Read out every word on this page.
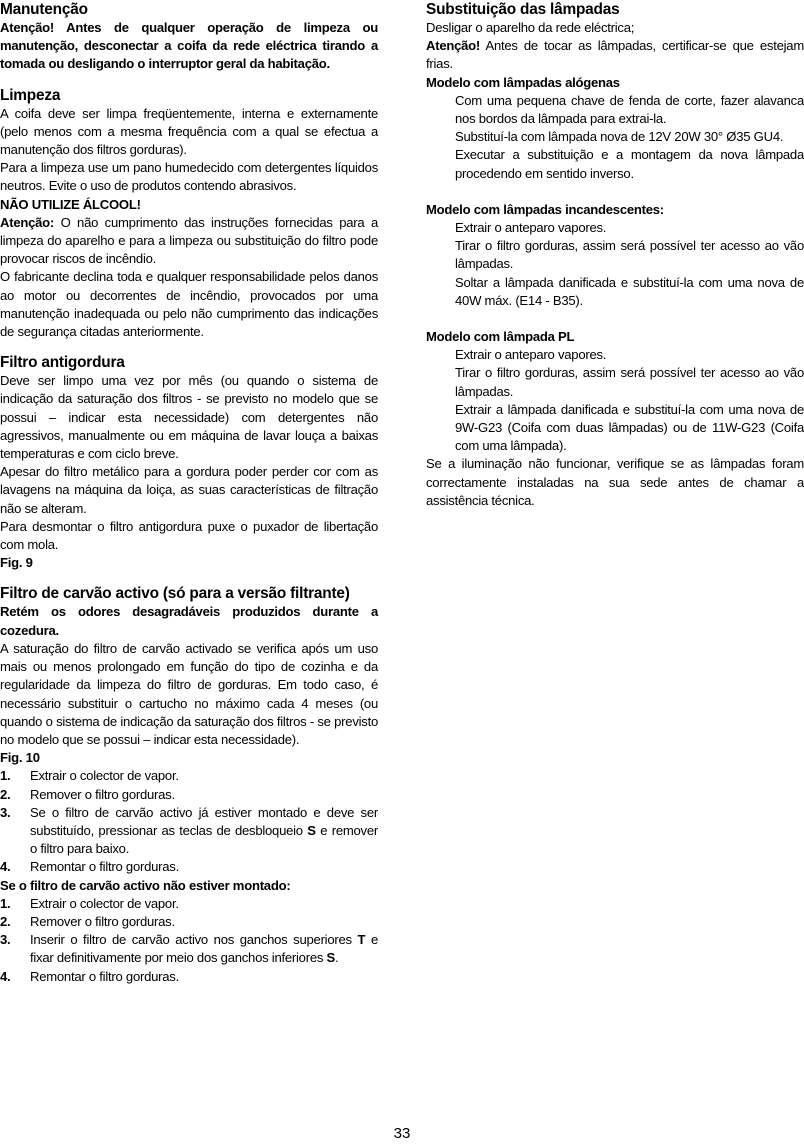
Manutenção

Atenção! Antes de qualquer operação de limpeza ou manutenção, desconectar a coifa da rede eléctrica tirando a tomada ou desligando o interruptor geral da habitação.

Limpeza

A coifa deve ser limpa freqüentemente, interna e externamente (pelo menos com a mesma frequência com a qual se efectua a manutenção dos filtros gorduras).

Para a limpeza use um pano humedecido com detergentes líquidos neutros. Evite o uso de produtos contendo abrasivos.

NÃO UTILIZE ÁLCOOL!

Atenção: O não cumprimento das instruções fornecidas para a limpeza do aparelho e para a limpeza ou substituição do filtro pode provocar riscos de incêndio.

O fabricante declina toda e qualquer responsabilidade pelos danos ao motor ou decorrentes de incêndio, provocados por uma manutenção inadequada ou pelo não cumprimento das indicações de segurança citadas anteriormente.

Filtro antigordura

Deve ser limpo uma vez por mês (ou quando o sistema de indicação da saturação dos filtros - se previsto no modelo que se possui – indicar esta necessidade) com detergentes não agressivos, manualmente ou em máquina de lavar louça a baixas temperaturas e com ciclo breve.

Apesar do filtro metálico para a gordura poder perder cor com as lavagens na máquina da loiça, as suas características de filtração não se alteram.

Para desmontar o filtro antigordura puxe o puxador de libertação com mola.

Fig. 9

Filtro de carvão activo (só para a versão filtrante)

Retém os odores desagradáveis produzidos durante a cozedura.

A saturação do filtro de carvão activado se verifica após um uso mais ou menos prolongado em função do tipo de cozinha e da regularidade da limpeza do filtro de gorduras. Em todo caso, é necessário substituir o cartucho no máximo cada 4 meses (ou quando o sistema de indicação da saturação dos filtros - se previsto no modelo que se possui – indicar esta necessidade).

Fig. 10

1. Extrair o colector de vapor.
2. Remover o filtro gorduras.
3. Se o filtro de carvão activo já estiver montado e deve ser substituído, pressionar as teclas de desbloqueio S e remover o filtro para baixo.
4. Remontar o filtro gorduras.

Se o filtro de carvão activo não estiver montado:

1. Extrair o colector de vapor.
2. Remover o filtro gorduras.
3. Inserir o filtro de carvão activo nos ganchos superiores T e fixar definitivamente por meio dos ganchos inferiores S.
4. Remontar o filtro gorduras.
Substituição das lâmpadas

Desligar o aparelho da rede eléctrica;

Atenção! Antes de tocar as lâmpadas, certificar-se que estejam frias.

Modelo com lâmpadas alógenas

Com uma pequena chave de fenda de corte, fazer alavanca nos bordos da lâmpada para extrai-la.

Substituí-la com lâmpada nova de 12V 20W 30° Ø35 GU4.

Executar a substituição e a montagem da nova lâmpada procedendo em sentido inverso.

Modelo com lâmpadas incandescentes:

Extrair o anteparo vapores.

Tirar o filtro gorduras, assim será possível ter acesso ao vão lâmpadas.

Soltar a lâmpada danificada e substituí-la com uma nova de 40W máx. (E14 - B35).

Modelo com lâmpada PL

Extrair o anteparo vapores.

Tirar o filtro gorduras, assim será possível ter acesso ao vão lâmpadas.

Extrair a lâmpada danificada e substituí-la com uma nova de 9W-G23 (Coifa com duas lâmpadas) ou de 11W-G23 (Coifa com uma lâmpada).

Se a iluminação não funcionar, verifique se as lâmpadas foram correctamente instaladas na sua sede antes de chamar a assistência técnica.

33
